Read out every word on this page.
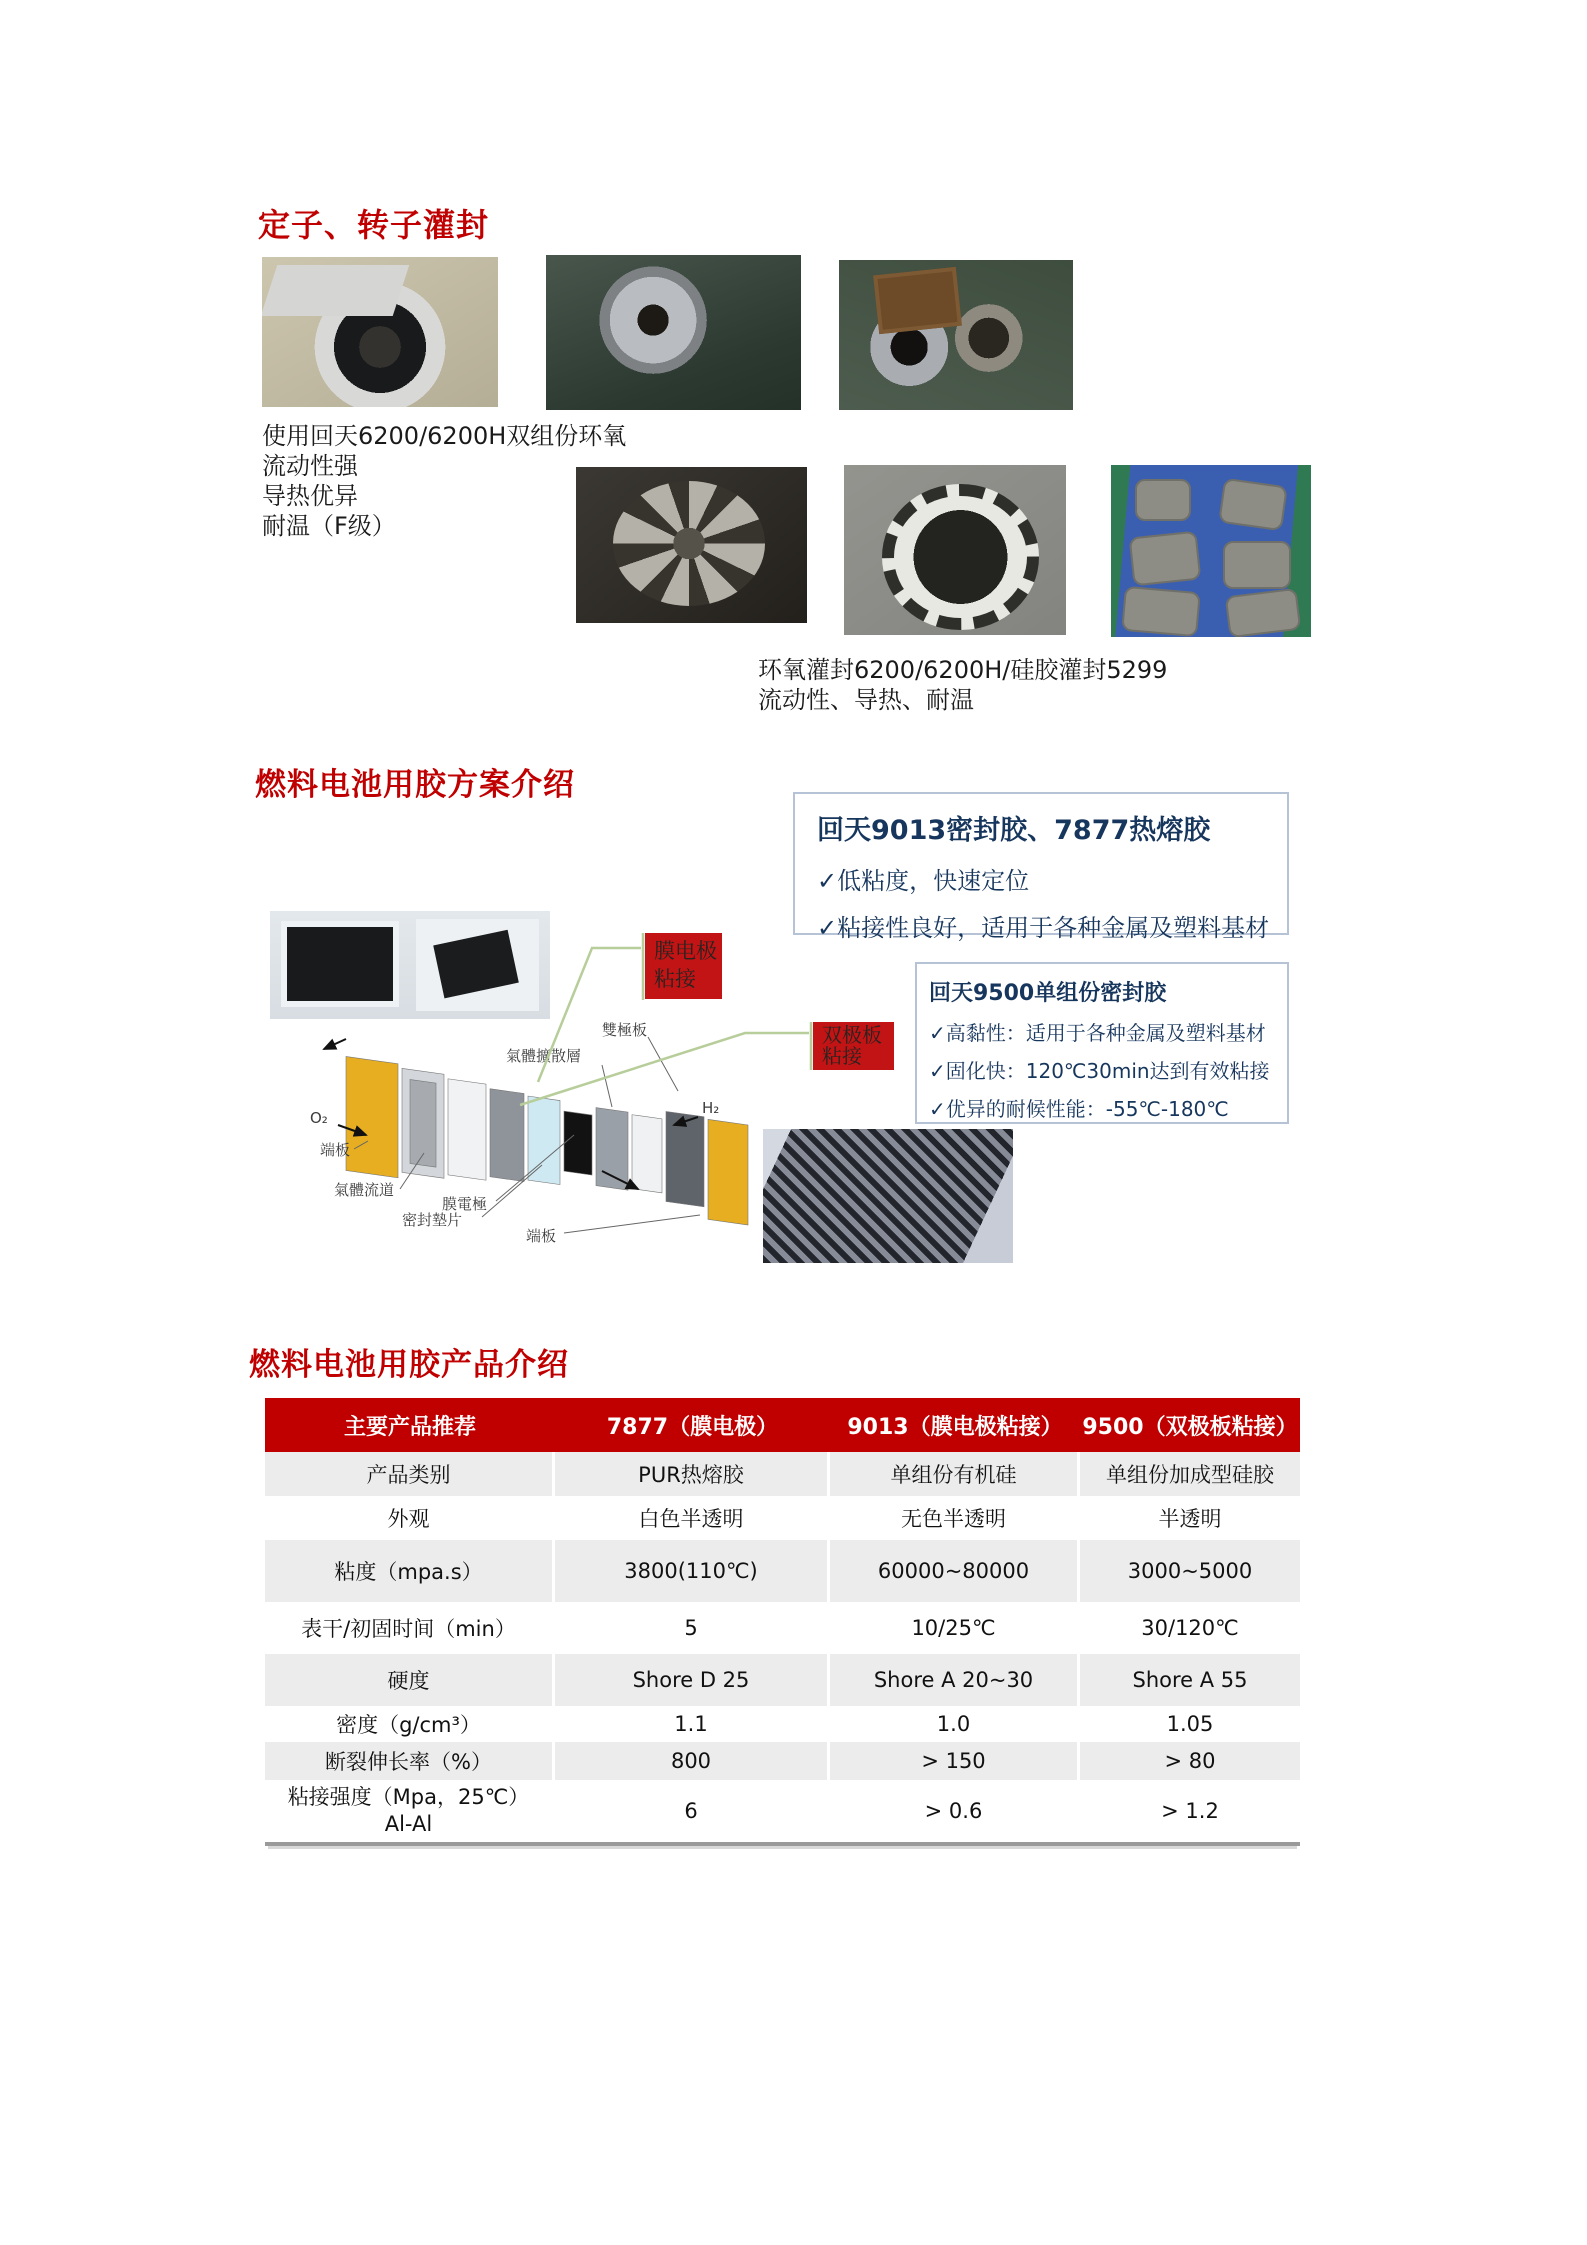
定子、转子灌封
使用回天6200/6200H双组份环氧
流动性强
导热优异
耐温（F级）
环氧灌封6200/6200H/硅胶灌封5299
流动性、导热、耐温
燃料电池用胶方案介绍
回天9013密封胶、7877热熔胶
✓低粘度，快速定位
✓粘接性良好，适用于各种金属及塑料基材
回天9500单组份密封胶
✓高黏性：适用于各种金属及塑料基材
✓固化快：120℃30min达到有效粘接
✓优异的耐候性能：-55℃-180℃
雙極板
氣體擴散層
O₂
端板
氣體流道
膜電極
密封墊片
端板
H₂
膜电极
粘接
双极板
粘接
燃料电池用胶产品介绍
主要产品推荐	7877（膜电极）	9013（膜电极粘接） 9500（双极板粘接）
产品类别	PUR热熔胶	单组份有机硅	单组份加成型硅胶
外观	白色半透明	无色半透明	半透明
粘度（mpa.s）	3800(110℃)	60000~80000	3000~5000
表干/初固时间（min）	5	10/25℃	30/120℃
硬度	Shore D 25	Shore A 20~30	Shore A 55
密度（g/cm³）	1.1	1.0	1.05
断裂伸长率（%）	800	> 150	> 80
粘接强度（Mpa，25℃）
Al-Al
6	> 0.6	> 1.2
